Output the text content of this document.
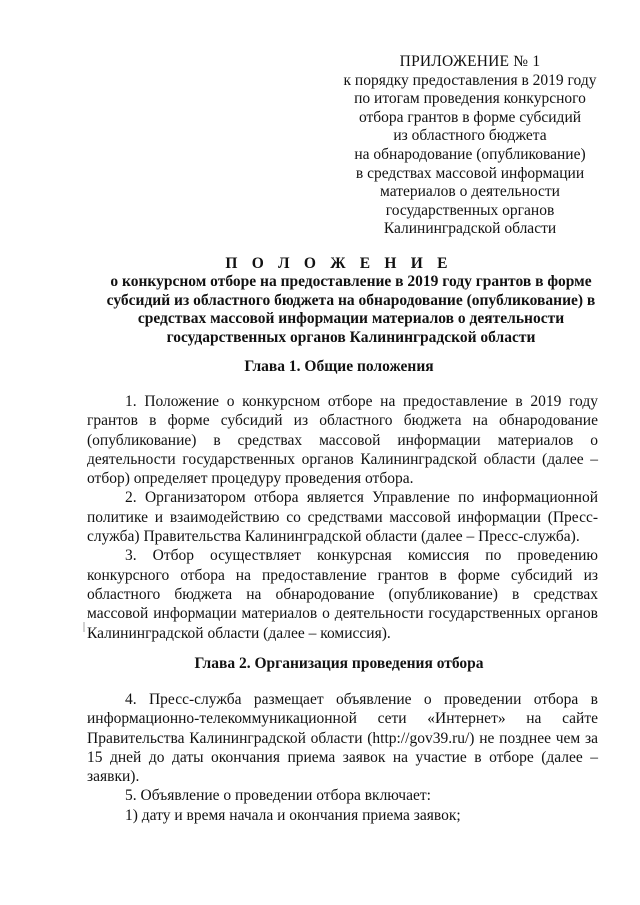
ПРИЛОЖЕНИЕ № 1
к порядку предоставления в 2019 году
по итогам проведения конкурсного
отбора грантов в форме субсидий
из областного бюджета
на обнародование (опубликование)
в средствах массовой информации
материалов о деятельности
государственных органов
Калининградской области
П О Л О Ж Е Н И Е
о конкурсном отборе на предоставление в 2019 году грантов в форме субсидий из областного бюджета на обнародование (опубликование) в средствах массовой информации материалов о деятельности государственных органов Калининградской области
Глава 1. Общие положения

1. Положение о конкурсном отборе на предоставление в 2019 году грантов в форме субсидий из областного бюджета на обнародование (опубликование) в средствах массовой информации материалов о деятельности государственных органов Калининградской области (далее – отбор) определяет процедуру проведения отбора.

2. Организатором отбора является Управление по информационной политике и взаимодействию со средствами массовой информации (Пресс-служба) Правительства Калининградской области (далее – Пресс-служба).

3. Отбор осуществляет конкурсная комиссия по проведению конкурсного отбора на предоставление грантов в форме субсидий из областного бюджета на обнародование (опубликование) в средствах массовой информации материалов о деятельности государственных органов Калининградской области (далее – комиссия).

Глава 2. Организация проведения отбора

4. Пресс-служба размещает объявление о проведении отбора в информационно-телекоммуникационной сети «Интернет» на сайте Правительства Калининградской области (http://gov39.ru/) не позднее чем за 15 дней до даты окончания приема заявок на участие в отборе (далее – заявки).

5. Объявление о проведении отбора включает:

1) дату и время начала и окончания приема заявок;
